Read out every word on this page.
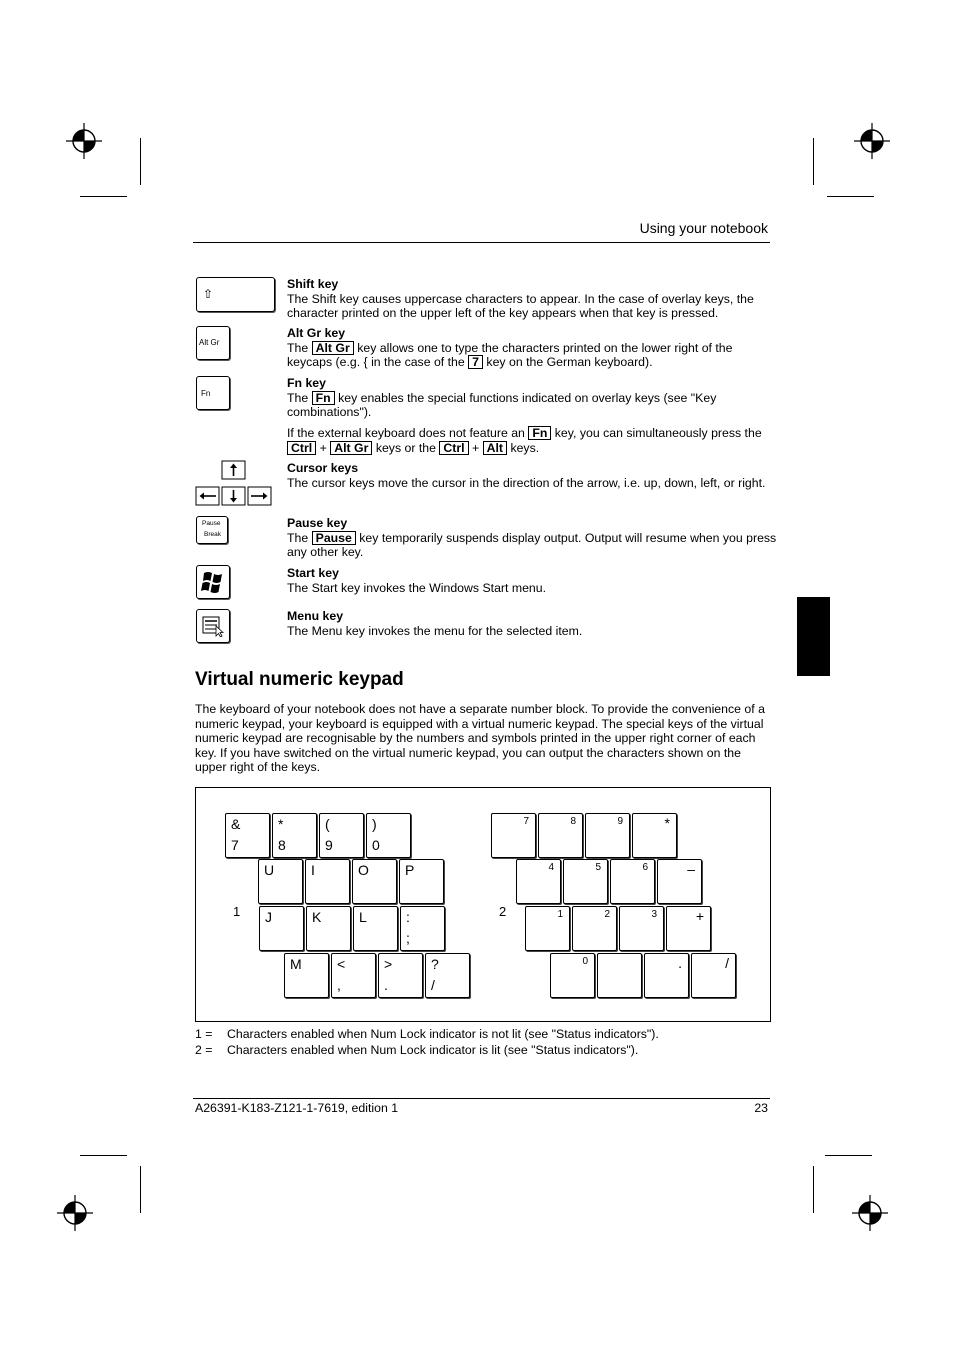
Using your notebook
⇧
Shift key
The Shift key causes uppercase characters to appear. In the case of overlay keys, the character printed on the upper left of the key appears when that key is pressed.
Alt Gr
Alt Gr key
The Alt Gr key allows one to type the characters printed on the lower right of the keycaps (e.g. { in the case of the 7 key on the German keyboard).
Fn
Fn key
The Fn key enables the special functions indicated on overlay keys (see "Key combinations").
If the external keyboard does not feature an Fn key, you can simultaneously press the Ctrl + Alt Gr keys or the Ctrl + Alt keys.
Cursor keys
The cursor keys move the cursor in the direction of the arrow, i.e. up, down, left, or right.
Pause
Break
Pause key
The Pause key temporarily suspends display output. Output will resume when you press any other key.
Start key
The Start key invokes the Windows Start menu.
Menu key
The Menu key invokes the menu for the selected item.
Virtual numeric keypad
The keyboard of your notebook does not have a separate number block. To provide the convenience of a numeric keypad, your keyboard is equipped with a virtual numeric keypad. The special keys of the virtual numeric keypad are recognisable by the numbers and symbols printed in the upper right corner of each key. If you have switched on the virtual numeric keypad, you can output the characters shown on the upper right of the keys.
1	2
&
7
*
8
(
9
)
0
U	I	O	P
J	K	L	:
;
M	<
,
>
.
?
/
7	8	9	*
4	5	6	–
1	2	3	+
0	.	/
1 =	Characters enabled when Num Lock indicator is not lit (see "Status indicators").
2 =	Characters enabled when Num Lock indicator is lit (see "Status indicators").
A26391-K183-Z121-1-7619, edition 1	23
